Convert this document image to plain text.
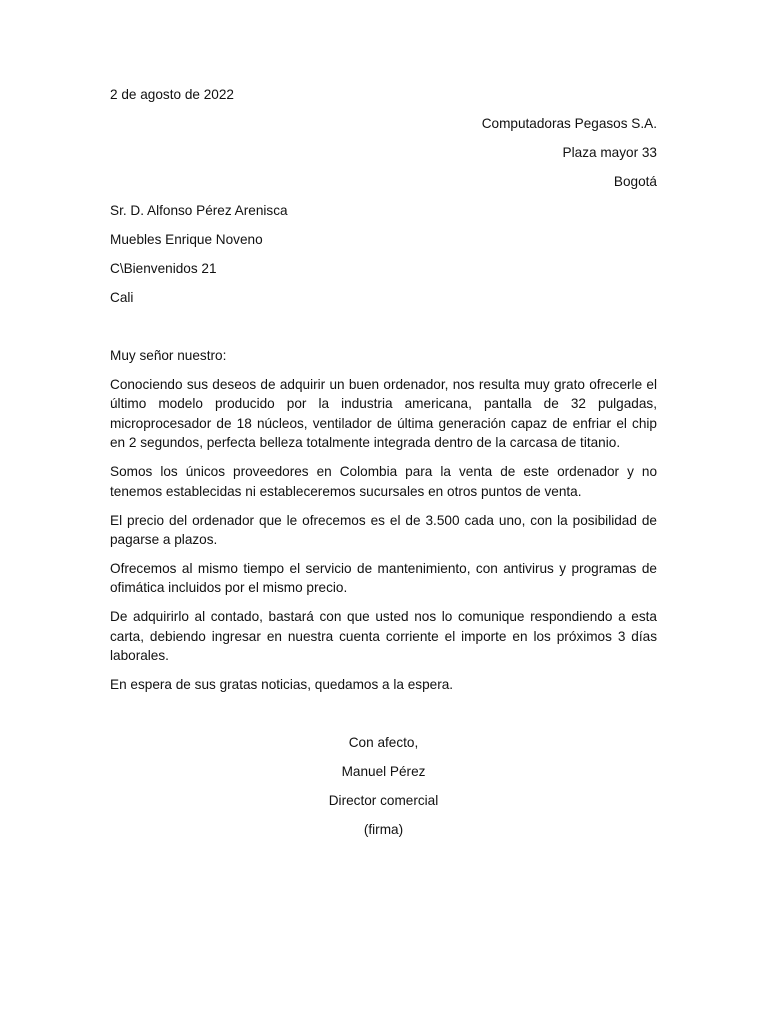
2 de agosto de 2022

Computadoras Pegasos S.A.

Plaza mayor 33

Bogotá

Sr. D. Alfonso Pérez Arenisca

Muebles Enrique Noveno

C\Bienvenidos 21

Cali

Muy señor nuestro:

Conociendo sus deseos de adquirir un buen ordenador, nos resulta muy grato ofrecerle el último modelo producido por la industria americana, pantalla de 32 pulgadas, microprocesador de 18 núcleos, ventilador de última generación capaz de enfriar el chip en 2 segundos, perfecta belleza totalmente integrada dentro de la carcasa de titanio.

Somos los únicos proveedores en Colombia para la venta de este ordenador y no tenemos establecidas ni estableceremos sucursales en otros puntos de venta.

El precio del ordenador que le ofrecemos es el de 3.500 cada uno, con la posibilidad de pagarse a plazos.

Ofrecemos al mismo tiempo el servicio de mantenimiento, con antivirus y programas de ofimática incluidos por el mismo precio.

De adquirirlo al contado, bastará con que usted nos lo comunique respondiendo a esta carta, debiendo ingresar en nuestra cuenta corriente el importe en los próximos 3 días laborales.

En espera de sus gratas noticias, quedamos a la espera.

Con afecto,

Manuel Pérez

Director comercial

(firma)
